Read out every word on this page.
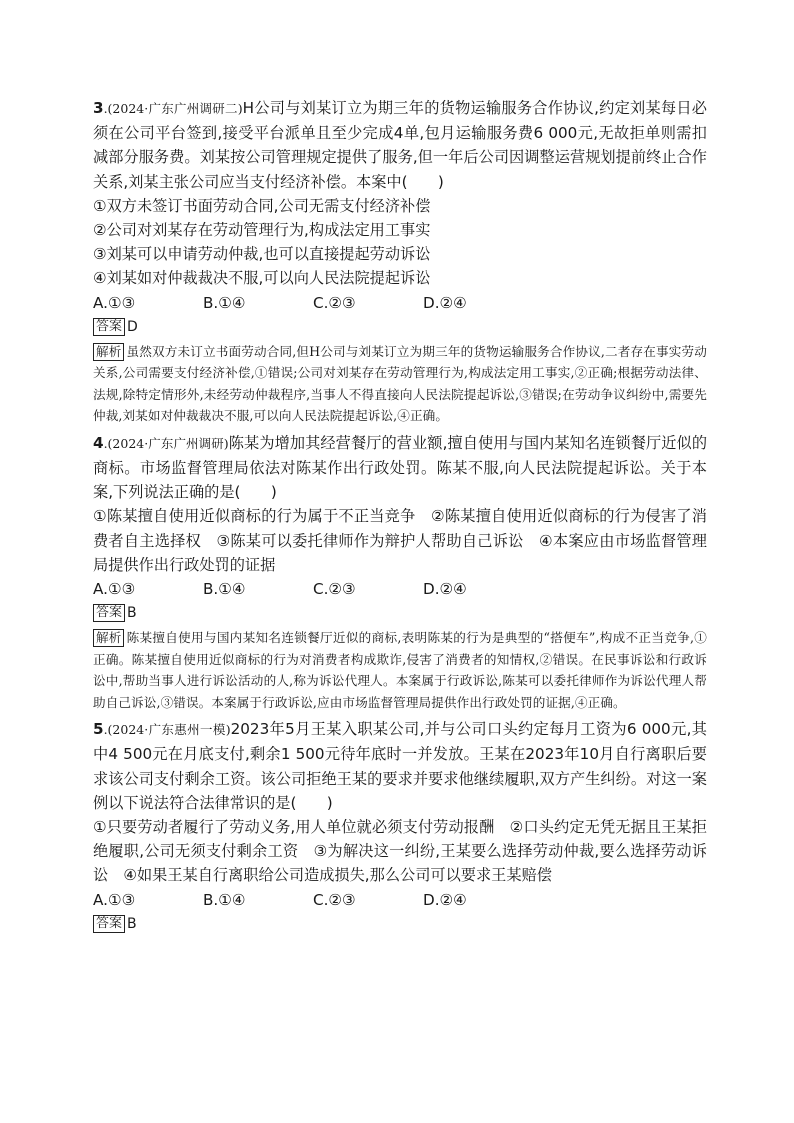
3.(2024·广东广州调研二)H公司与刘某订立为期三年的货物运输服务合作协议,约定刘某每日必须在公司平台签到,接受平台派单且至少完成4单,包月运输服务费6 000元,无故拒单则需扣减部分服务费。刘某按公司管理规定提供了服务,但一年后公司因调整运营规划提前终止合作关系,刘某主张公司应当支付经济补偿。本案中(　　)

①双方未签订书面劳动合同,公司无需支付经济补偿

②公司对刘某存在劳动管理行为,构成法定用工事实

③刘某可以申请劳动仲裁,也可以直接提起劳动诉讼

④刘某如对仲裁裁决不服,可以向人民法院提起诉讼

A.①③	B.①④	C.②③	D.②④
答案 D

解析 虽然双方未订立书面劳动合同,但H公司与刘某订立为期三年的货物运输服务合作协议,二者存在事实劳动关系,公司需要支付经济补偿,①错误;公司对刘某存在劳动管理行为,构成法定用工事实,②正确;根据劳动法律、法规,除特定情形外,未经劳动仲裁程序,当事人不得直接向人民法院提起诉讼,③错误;在劳动争议纠纷中,需要先仲裁,刘某如对仲裁裁决不服,可以向人民法院提起诉讼,④正确。

4.(2024·广东广州调研)陈某为增加其经营餐厅的营业额,擅自使用与国内某知名连锁餐厅近似的商标。市场监督管理局依法对陈某作出行政处罚。陈某不服,向人民法院提起诉讼。关于本案,下列说法正确的是(　　)

①陈某擅自使用近似商标的行为属于不正当竞争　②陈某擅自使用近似商标的行为侵害了消费者自主选择权　③陈某可以委托律师作为辩护人帮助自己诉讼　④本案应由市场监督管理局提供作出行政处罚的证据

A.①③	B.①④	C.②③	D.②④
答案 B

解析 陈某擅自使用与国内某知名连锁餐厅近似的商标,表明陈某的行为是典型的“搭便车”,构成不正当竞争,①正确。陈某擅自使用近似商标的行为对消费者构成欺诈,侵害了消费者的知情权,②错误。在民事诉讼和行政诉讼中,帮助当事人进行诉讼活动的人,称为诉讼代理人。本案属于行政诉讼,陈某可以委托律师作为诉讼代理人帮助自己诉讼,③错误。本案属于行政诉讼,应由市场监督管理局提供作出行政处罚的证据,④正确。

5.(2024·广东惠州一模)2023年5月王某入职某公司,并与公司口头约定每月工资为6 000元,其中4 500元在月底支付,剩余1 500元待年底时一并发放。王某在2023年10月自行离职后要求该公司支付剩余工资。该公司拒绝王某的要求并要求他继续履职,双方产生纠纷。对这一案例以下说法符合法律常识的是(　　)

①只要劳动者履行了劳动义务,用人单位就必须支付劳动报酬　②口头约定无凭无据且王某拒绝履职,公司无须支付剩余工资　③为解决这一纠纷,王某要么选择劳动仲裁,要么选择劳动诉讼　④如果王某自行离职给公司造成损失,那么公司可以要求王某赔偿

A.①③	B.①④	C.②③	D.②④
答案 B
